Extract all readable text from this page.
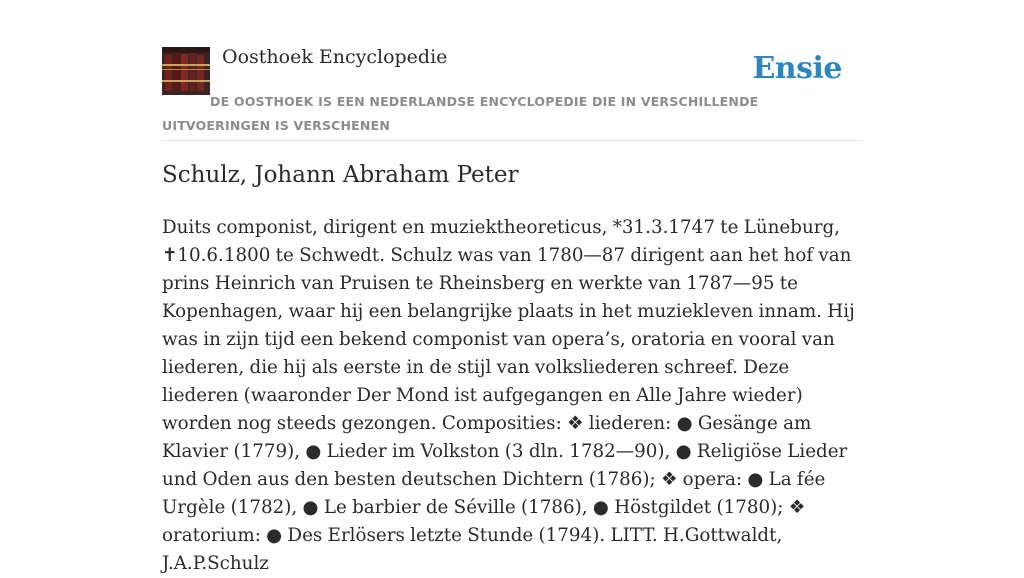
Oosthoek Encyclopedie	Ensie
DE OOSTHOEK IS EEN NEDERLANDSE ENCYCLOPEDIE DIE IN VERSCHILLENDE UITVOERINGEN IS VERSCHENEN
Schulz, Johann Abraham Peter

Duits componist, dirigent en muziektheoreticus, *31.3.1747 te Lüneburg, ✝10.6.1800 te Schwedt. Schulz was van 1780—87 dirigent aan het hof van prins Heinrich van Pruisen te Rheinsberg en werkte van 1787—95 te Kopenhagen, waar hij een belangrijke plaats in het muziekleven innam. Hij was in zijn tijd een bekend componist van opera’s, oratoria en vooral van liederen, die hij als eerste in de stijl van volksliederen schreef. Deze liederen (waaronder Der Mond ist aufgegangen en Alle Jahre wieder) worden nog steeds gezongen. Composities: ❖ liederen: ● Gesänge am Klavier (1779), ● Lieder im Volkston (3 dln. 1782—90), ● Religiöse Lieder und Oden aus den besten deutschen Dichtern (1786); ❖ opera: ● La fée Urgèle (1782), ● Le barbier de Séville (1786), ● Höstgildet (1780); ❖ oratorium: ● Des Erlösers letzte Stunde (1794). LITT. H.Gottwaldt, J.A.P.Schulz
